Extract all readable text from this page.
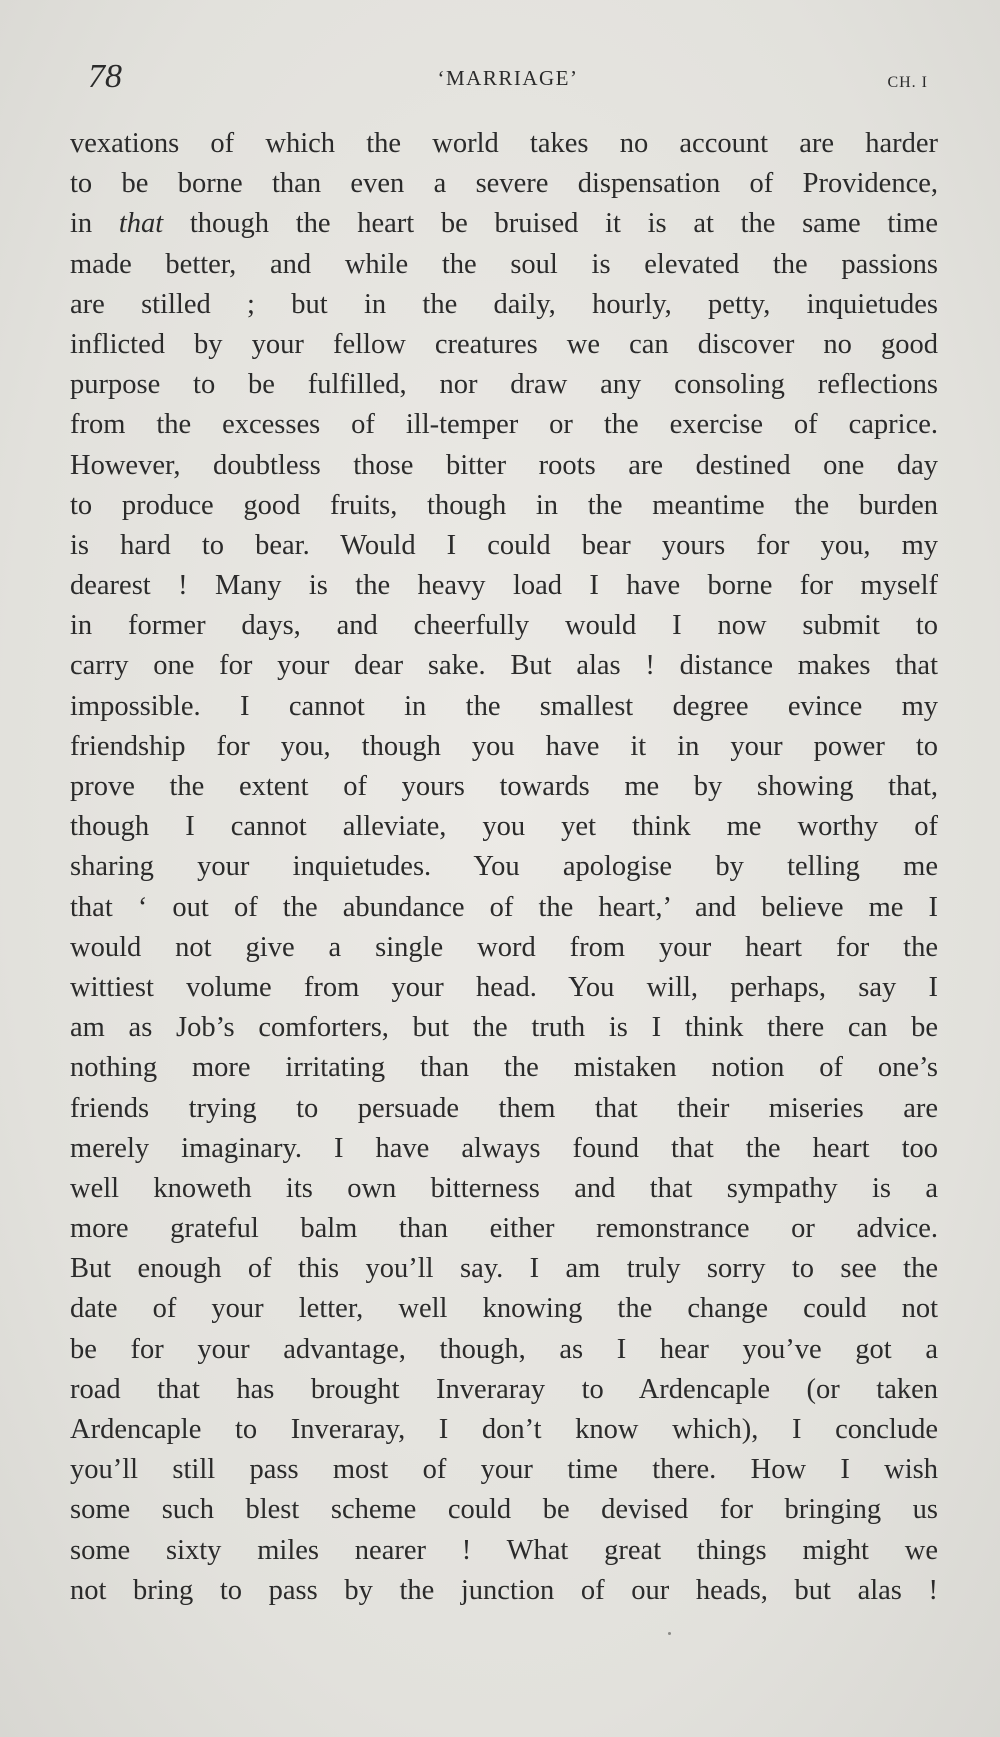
78	‘MARRIAGE’	CH. I
vexations of which the world takes no account are harder
to be borne than even a severe dispensation of Providence,
in that though the heart be bruised it is at the same time
made better, and while the soul is elevated the passions
are stilled ; but in the daily, hourly, petty, inquietudes
inflicted by your fellow creatures we can discover no good
purpose to be fulfilled, nor draw any consoling reflections
from the excesses of ill-temper or the exercise of caprice.
However, doubtless those bitter roots are destined one day
to produce good fruits, though in the meantime the burden
is hard to bear. Would I could bear yours for you, my
dearest ! Many is the heavy load I have borne for myself
in former days, and cheerfully would I now submit to
carry one for your dear sake. But alas ! distance makes that
impossible. I cannot in the smallest degree evince my
friendship for you, though you have it in your power to
prove the extent of yours towards me by showing that,
though I cannot alleviate, you yet think me worthy of
sharing your inquietudes. You apologise by telling me
that ‘ out of the abundance of the heart,’ and believe me I
would not give a single word from your heart for the
wittiest volume from your head. You will, perhaps, say I
am as Job’s comforters, but the truth is I think there can be
nothing more irritating than the mistaken notion of one’s
friends trying to persuade them that their miseries are
merely imaginary. I have always found that the heart too
well knoweth its own bitterness and that sympathy is a
more grateful balm than either remonstrance or advice.
But enough of this you’ll say. I am truly sorry to see the
date of your letter, well knowing the change could not
be for your advantage, though, as I hear you’ve got a
road that has brought Inveraray to Ardencaple (or taken
Ardencaple to Inveraray, I don’t know which), I conclude
you’ll still pass most of your time there. How I wish
some such blest scheme could be devised for bringing us
some sixty miles nearer ! What great things might we
not bring to pass by the junction of our heads, but alas !
